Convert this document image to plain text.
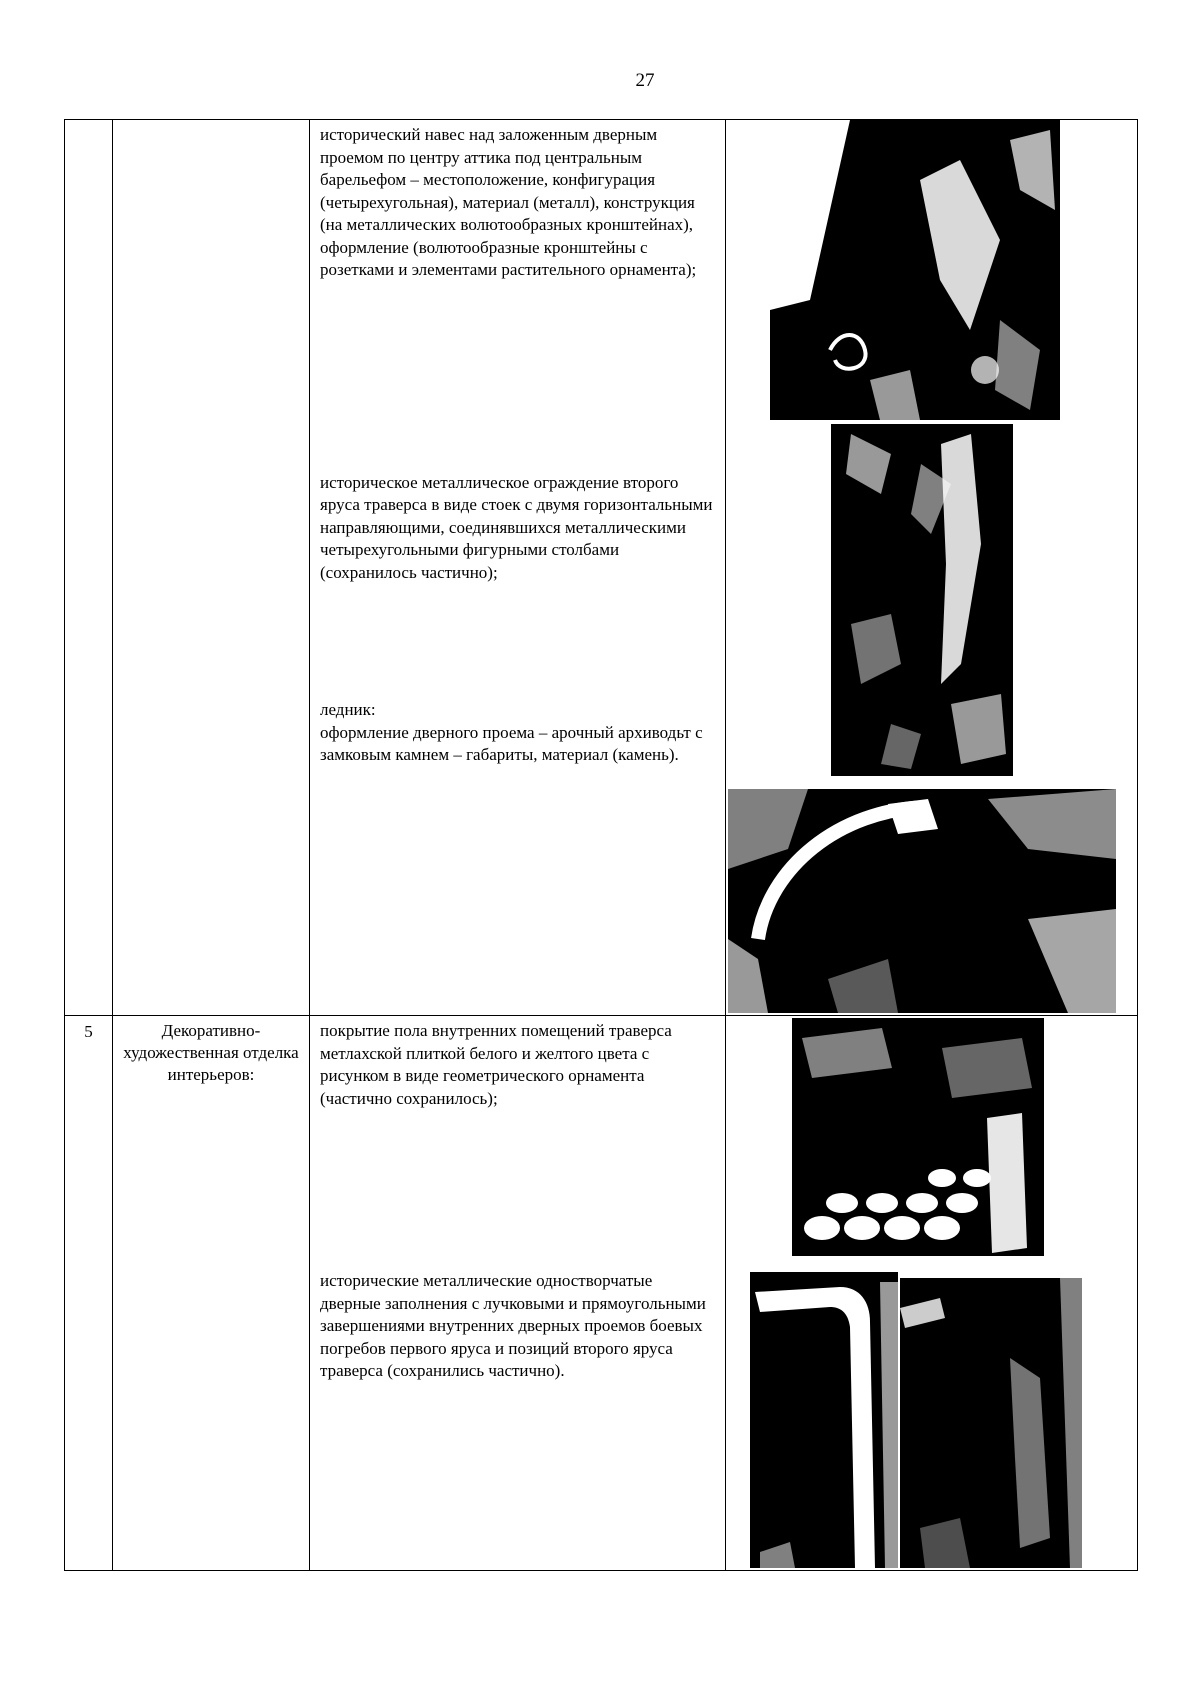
27

		исторический навес над заложенным дверным проемом по центру аттика под центральным барельефом – местоположение, конфигурация (четырехугольная), материал (металл), конструкция (на металлических волютообразных кронштейнах), оформление (волютообразные кронштейны с розетками и элементами растительного орнамента);

историческое металлическое ограждение второго яруса траверса в виде стоек с двумя горизонтальными направляющими, соединявшихся металлическими четырехугольными фигурными столбами (сохранилось частично);

ледник:

оформление дверного проема – арочный архиводьт с замковым камнем – габариты, материал (камень).

5	Декоративно-художественная отделка интерьеров:	покрытие пола внутренних помещений траверса метлахской плиткой белого и желтого цвета с рисунком в виде геометрического орнамента (частично сохранилось);

исторические металлические одностворчатые дверные заполнения с лучковыми и прямоугольными завершениями внутренних дверных проемов боевых погребов первого яруса и позиций второго яруса траверса (сохранились частично).
